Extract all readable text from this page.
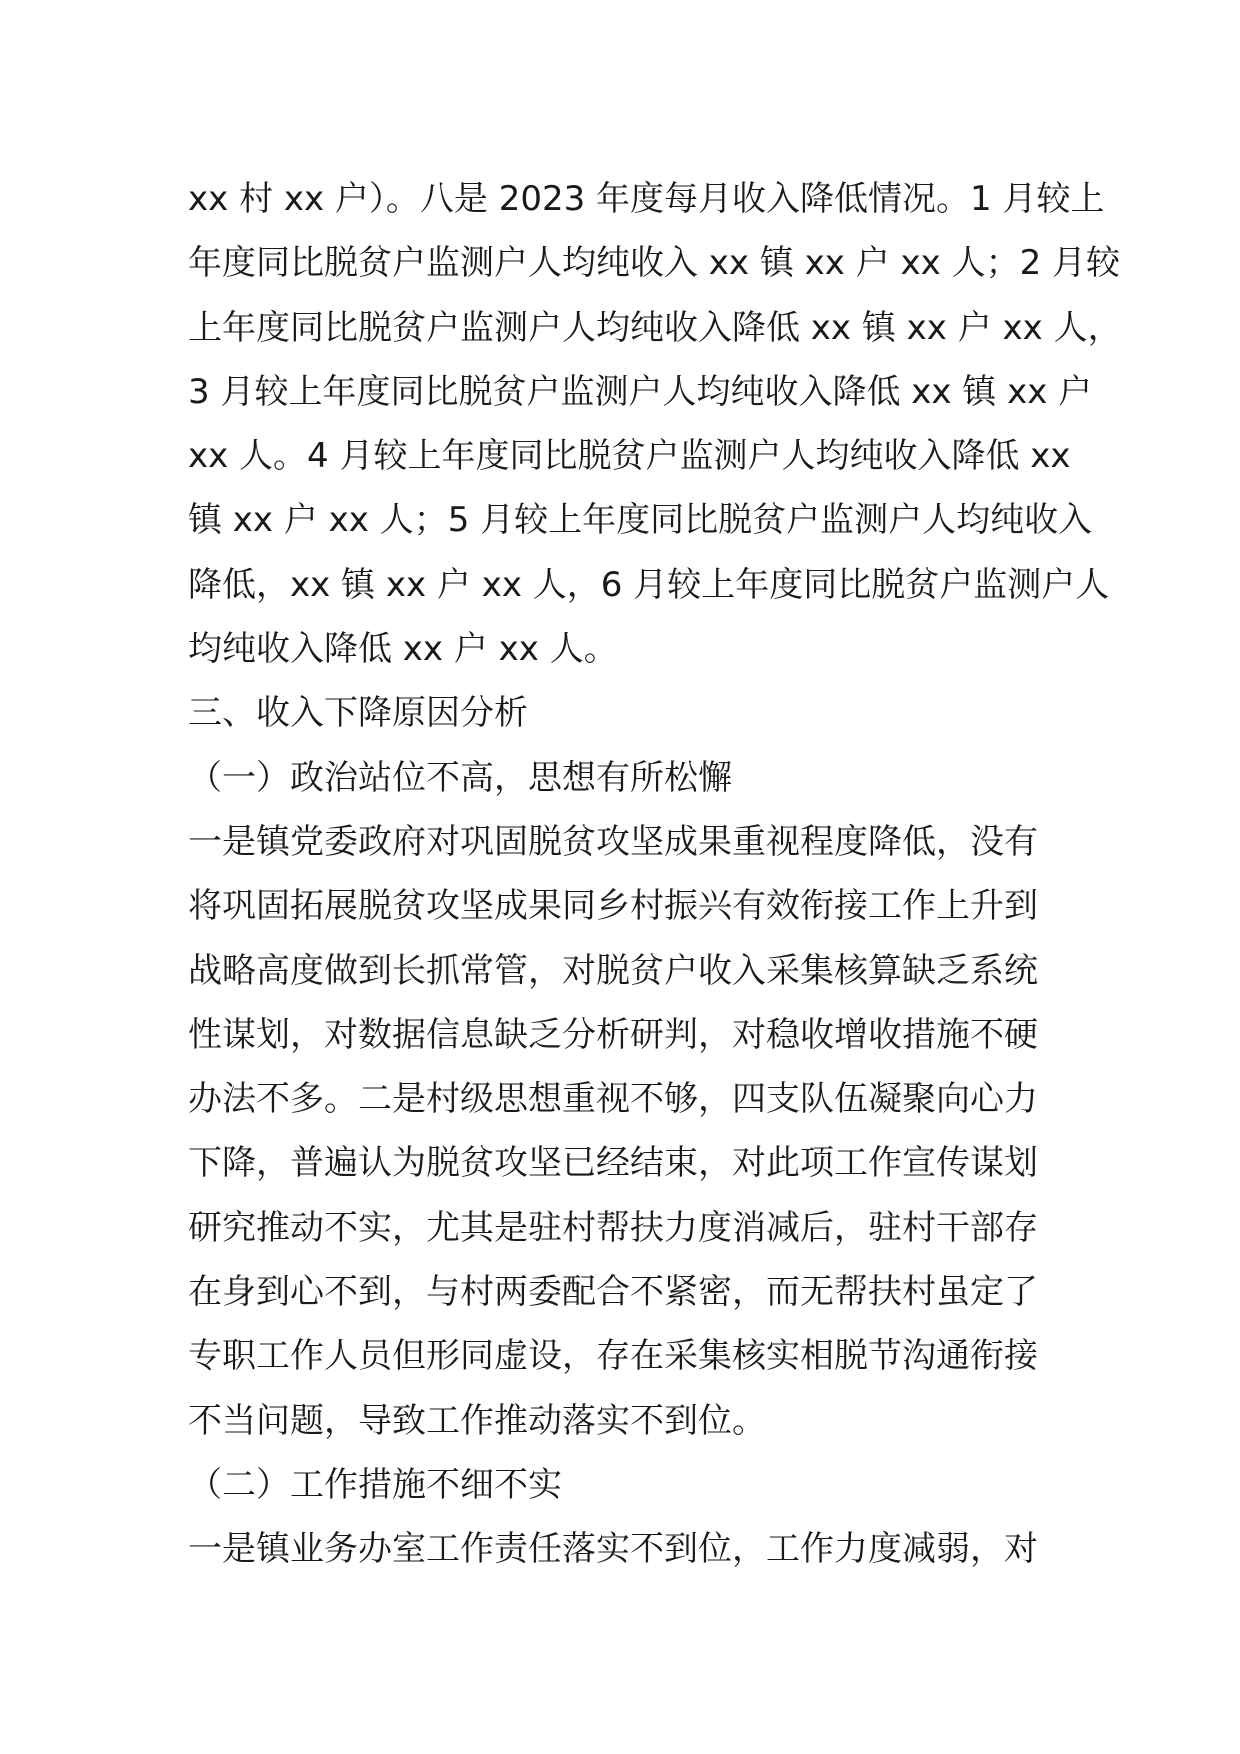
xx 村 xx 户）。八是 2023 年度每月收入降低情况。1 月较上
年度同比脱贫户监测户人均纯收入 xx 镇 xx 户 xx 人；2 月较
上年度同比脱贫户监测户人均纯收入降低 xx 镇 xx 户 xx 人，
3 月较上年度同比脱贫户监测户人均纯收入降低 xx 镇 xx 户
xx 人。4 月较上年度同比脱贫户监测户人均纯收入降低 xx
镇 xx 户 xx 人；5 月较上年度同比脱贫户监测户人均纯收入
降低，xx 镇 xx 户 xx 人，6 月较上年度同比脱贫户监测户人
均纯收入降低 xx 户 xx 人。
三、收入下降原因分析
（一）政治站位不高，思想有所松懈
一是镇党委政府对巩固脱贫攻坚成果重视程度降低，没有
将巩固拓展脱贫攻坚成果同乡村振兴有效衔接工作上升到
战略高度做到长抓常管，对脱贫户收入采集核算缺乏系统
性谋划，对数据信息缺乏分析研判，对稳收增收措施不硬
办法不多。二是村级思想重视不够，四支队伍凝聚向心力
下降，普遍认为脱贫攻坚已经结束，对此项工作宣传谋划
研究推动不实，尤其是驻村帮扶力度消减后，驻村干部存
在身到心不到，与村两委配合不紧密，而无帮扶村虽定了
专职工作人员但形同虚设，存在采集核实相脱节沟通衔接
不当问题，导致工作推动落实不到位。
（二）工作措施不细不实
一是镇业务办室工作责任落实不到位，工作力度减弱，对
